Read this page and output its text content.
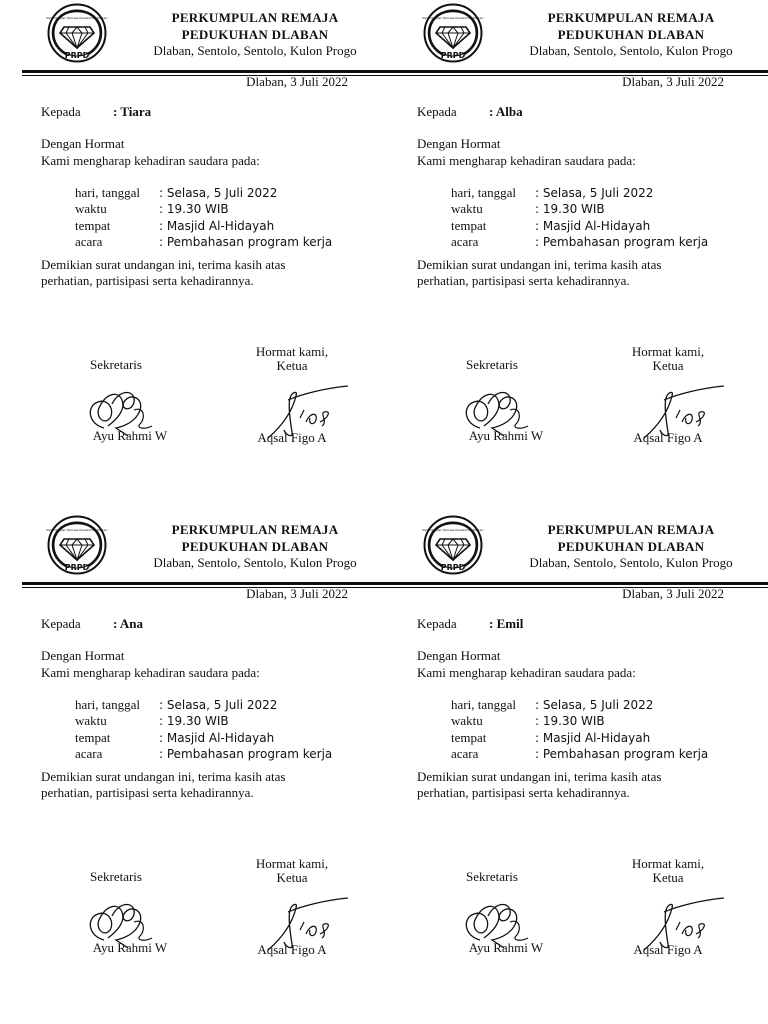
Perkumpulan Remaja Pedukuhan Dlaban
PRPD
PERKUMPULAN REMAJA
PEDUKUHAN DLABAN
Dlaban, Sentolo, Sentolo, Kulon Progo
Dlaban, 3 Juli 2022
Kepada : Tiara
Dengan Hormat
Kami mengharap kehadiran saudara pada:
hari, tanggal : Selasa, 5 Juli 2022
waktu	: 19.30 WIB
tempat	: Masjid Al-Hidayah
acara	: Pembahasan program kerja
Demikian surat undangan ini, terima kasih atas
perhatian, partisipasi serta kehadirannya.
Sekretaris
Hormat kami,
Ketua
Ayu Rahmi W	Aqsal Figo A
Perkumpulan Remaja Pedukuhan Dlaban
PRPD
PERKUMPULAN REMAJA
PEDUKUHAN DLABAN
Dlaban, Sentolo, Sentolo, Kulon Progo
Dlaban, 3 Juli 2022
Kepada : Alba
Dengan Hormat
Kami mengharap kehadiran saudara pada:
hari, tanggal : Selasa, 5 Juli 2022
waktu	: 19.30 WIB
tempat	: Masjid Al-Hidayah
acara	: Pembahasan program kerja
Demikian surat undangan ini, terima kasih atas
perhatian, partisipasi serta kehadirannya.
Sekretaris
Hormat kami,
Ketua
Ayu Rahmi W	Aqsal Figo A
Perkumpulan Remaja Pedukuhan Dlaban
PRPD
PERKUMPULAN REMAJA
PEDUKUHAN DLABAN
Dlaban, Sentolo, Sentolo, Kulon Progo
Dlaban, 3 Juli 2022
Kepada : Ana
Dengan Hormat
Kami mengharap kehadiran saudara pada:
hari, tanggal : Selasa, 5 Juli 2022
waktu	: 19.30 WIB
tempat	: Masjid Al-Hidayah
acara	: Pembahasan program kerja
Demikian surat undangan ini, terima kasih atas
perhatian, partisipasi serta kehadirannya.
Sekretaris
Hormat kami,
Ketua
Ayu Rahmi W	Aqsal Figo A
Perkumpulan Remaja Pedukuhan Dlaban
PRPD
PERKUMPULAN REMAJA
PEDUKUHAN DLABAN
Dlaban, Sentolo, Sentolo, Kulon Progo
Dlaban, 3 Juli 2022
Kepada : Emil
Dengan Hormat
Kami mengharap kehadiran saudara pada:
hari, tanggal : Selasa, 5 Juli 2022
waktu	: 19.30 WIB
tempat	: Masjid Al-Hidayah
acara	: Pembahasan program kerja
Demikian surat undangan ini, terima kasih atas
perhatian, partisipasi serta kehadirannya.
Sekretaris
Hormat kami,
Ketua
Ayu Rahmi W	Aqsal Figo A
